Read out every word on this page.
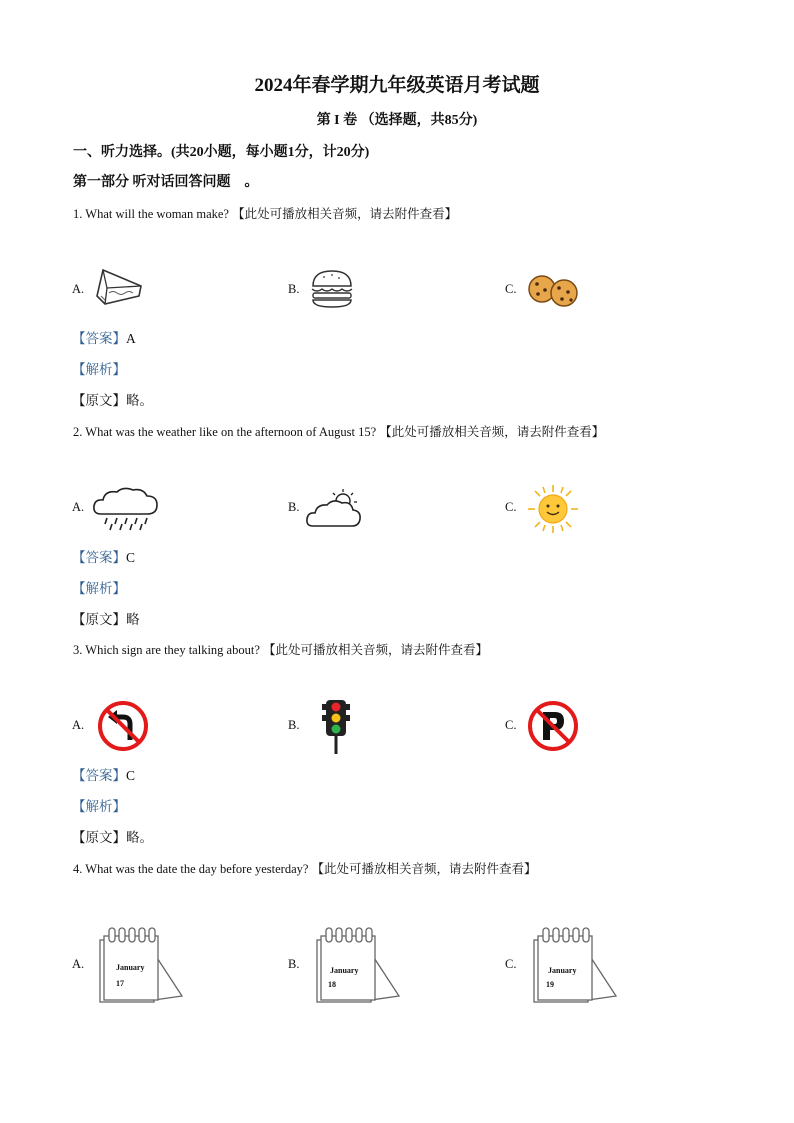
2024年春学期九年级英语月考试题
第 I 卷 （选择题，共85分)
一、听力选择。(共20小题，每小题1分，计20分)
第一部分 听对话回答问题　。
1. What will the woman make? 【此处可播放相关音频，请去附件查看】
A.	B.	C.
【答案】A
【解析】
【原文】略。
2. What was the weather like on the afternoon of August 15? 【此处可播放相关音频，请去附件查看】
A.	B.	C.
【答案】C
【解析】
【原文】略
3. Which sign are they talking about? 【此处可播放相关音频，请去附件查看】
A.	B.	C.
【答案】C
【解析】
【原文】略。
4. What was the date the day before yesterday? 【此处可播放相关音频，请去附件查看】
A.	B.	C.
January
17
January
18
January
19
